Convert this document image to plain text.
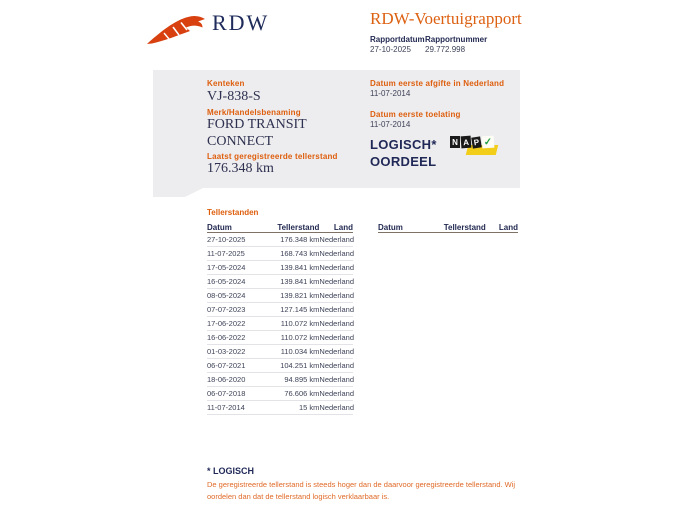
RDW	RDW-Voertuigrapport
Rapportdatum
27-10-2025
Rapportnummer
29.772.998
Kenteken
VJ-838-S
Merk/Handelsbenaming
FORD TRANSIT CONNECT
Laatst geregistreerde tellerstand
176.348 km
Datum eerste afgifte in Nederland
11-07-2014
Datum eerste toelating
11-07-2014
LOGISCH*
OORDEEL
N A P ✓
Tellerstanden
Datum	Tellerstand	Land
27-10-2025	176.348 km Nederland
11-07-2025	168.743 km Nederland
17-05-2024	139.841 km Nederland
16-05-2024	139.841 km Nederland
08-05-2024	139.821 km Nederland
07-07-2023	127.145 km Nederland
17-06-2022	110.072 km Nederland
16-06-2022	110.072 km Nederland
01-03-2022	110.034 km Nederland
06-07-2021	104.251 km Nederland
18-06-2020	94.895 km Nederland
06-07-2018	76.606 km Nederland
11-07-2014	15 km Nederland
Datum	Tellerstand	Land
* LOGISCH
De geregistreerde tellerstand is steeds hoger dan de daarvoor geregistreerde tellerstand. Wij oordelen dan dat de tellerstand logisch verklaarbaar is.
